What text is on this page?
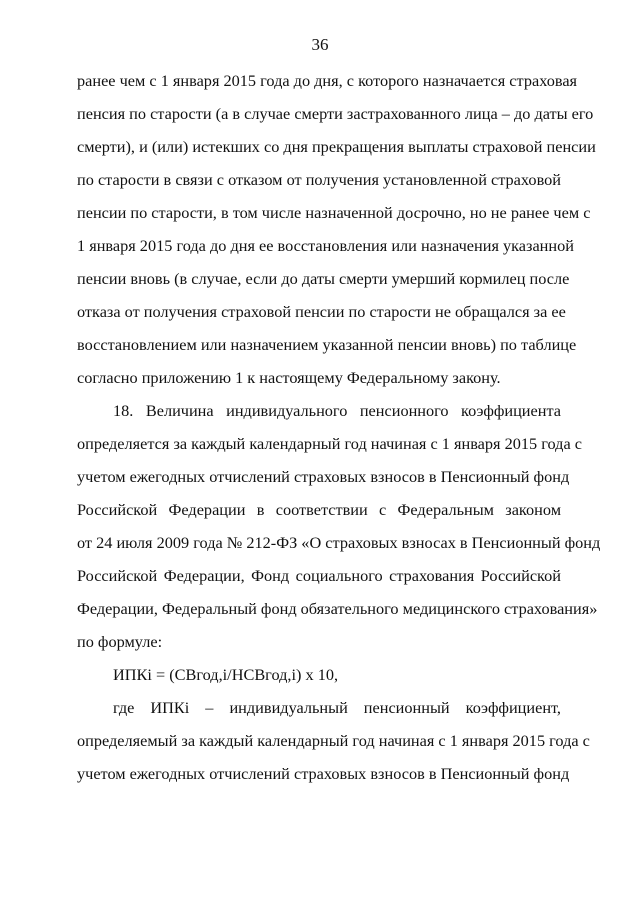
36
ранее чем с 1 января 2015 года до дня, с которого назначается страховая
пенсия по старости (а в случае смерти застрахованного лица – до даты его
смерти), и (или) истекших со дня прекращения выплаты страховой пенсии
по старости в связи с отказом от получения установленной страховой
пенсии по старости, в том числе назначенной досрочно, но не ранее чем с
1 января 2015 года до дня ее восстановления или назначения указанной
пенсии вновь (в случае, если до даты смерти умерший кормилец после
отказа от получения страховой пенсии по старости не обращался за ее
восстановлением или назначением указанной пенсии вновь) по таблице
согласно приложению 1 к настоящему Федеральному закону.
18. Величина индивидуального пенсионного коэффициента
определяется за каждый календарный год начиная с 1 января 2015 года с
учетом ежегодных отчислений страховых взносов в Пенсионный фонд
Российской Федерации в соответствии с Федеральным законом
от 24 июля 2009 года № 212-ФЗ «О страховых взносах в Пенсионный фонд
Российской Федерации, Фонд социального страхования Российской
Федерации, Федеральный фонд обязательного медицинского страхования»
по формуле:
ИПКi = (СВгод,i/НСВгод,i) х 10,
где ИПКi – индивидуальный пенсионный коэффициент,
определяемый за каждый календарный год начиная с 1 января 2015 года с
учетом ежегодных отчислений страховых взносов в Пенсионный фонд
